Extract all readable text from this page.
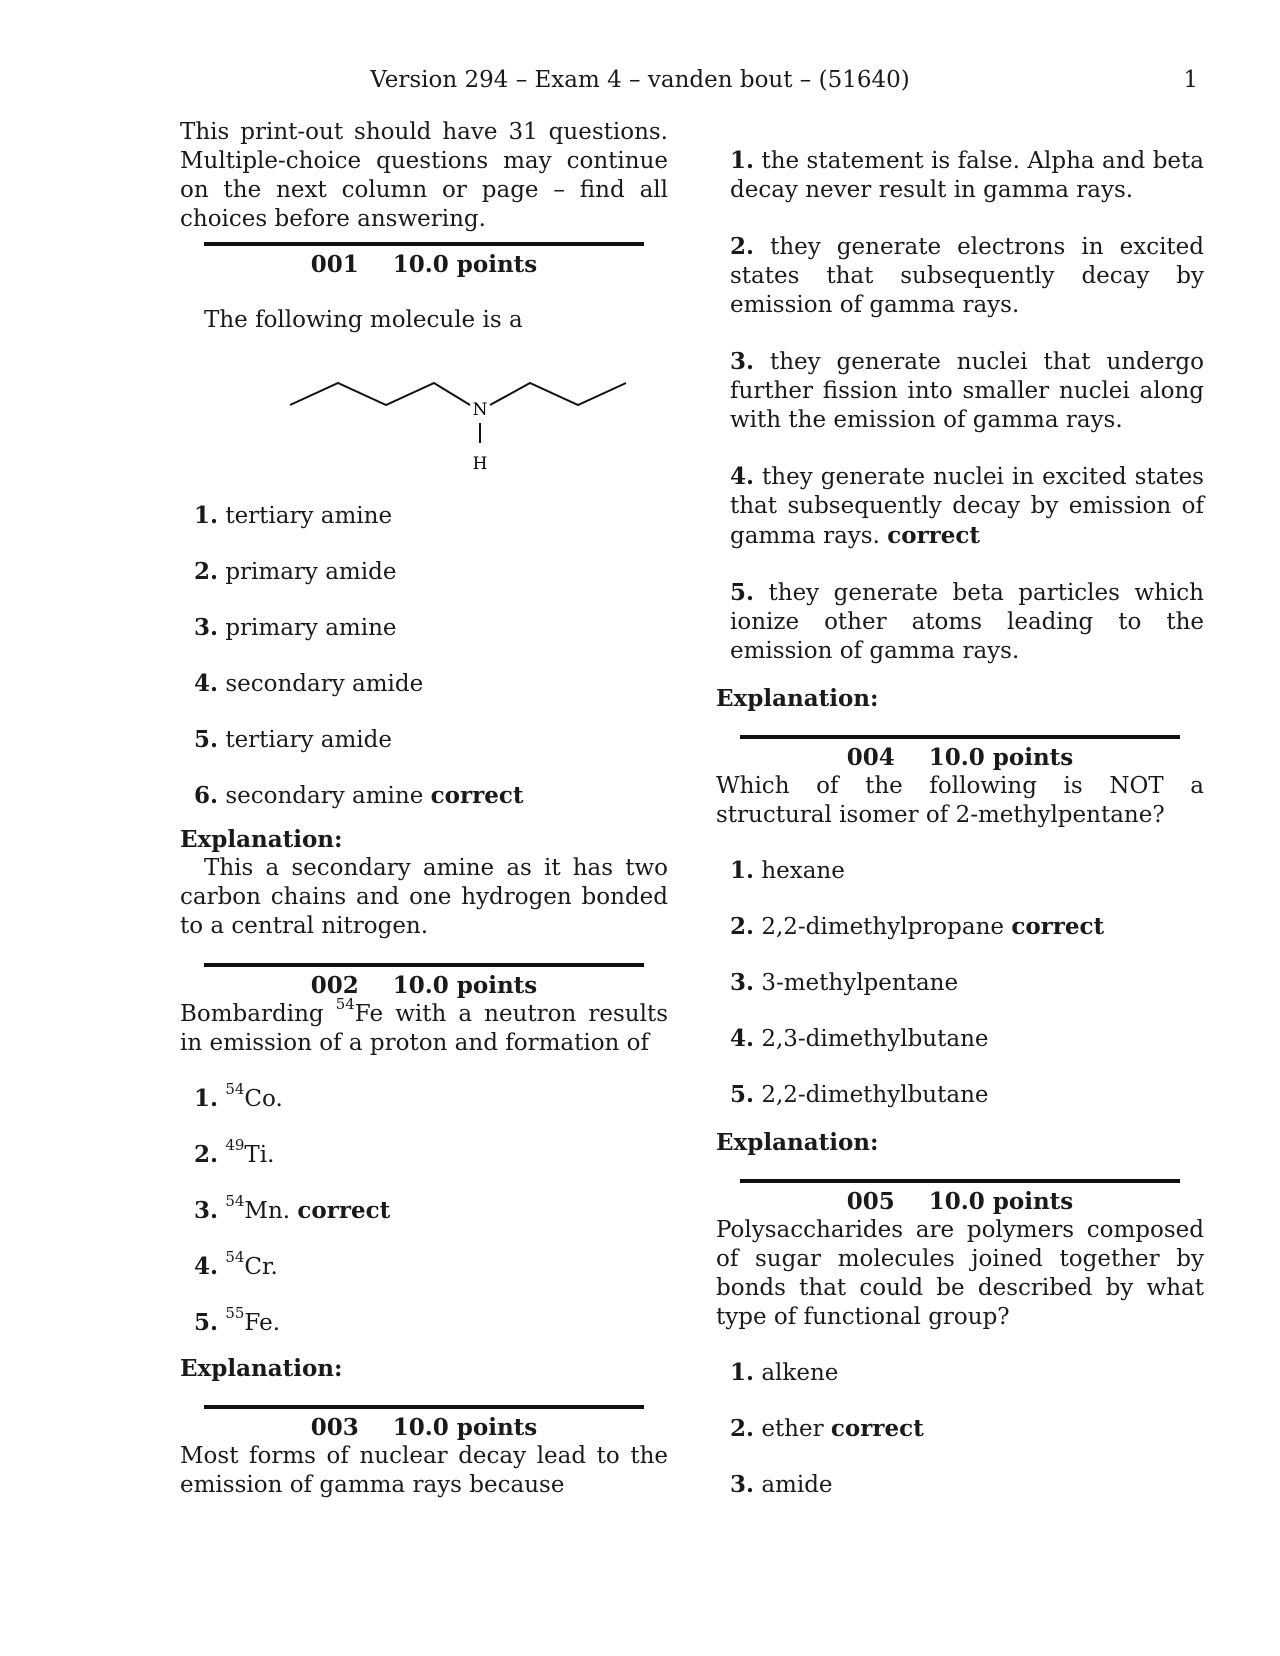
Version 294 – Exam 4 – vanden bout – (51640)	1
This print-out should have 31 questions. Multiple-choice questions may continue on the next column or page – find all choices before answering.
001 10.0 points
The following molecule is a
N
H
1. tertiary amine
2. primary amide
3. primary amine
4. secondary amide
5. tertiary amide
6. secondary amine correct
Explanation:
This a secondary amine as it has two carbon chains and one hydrogen bonded to a central nitrogen.
002 10.0 points
Bombarding $^{54}$Fe with a neutron results in emission of a proton and formation of
1. $^{54}$Co.
2. $^{49}$Ti.
3. $^{54}$Mn. correct
4. $^{54}$Cr.
5. $^{55}$Fe.
Explanation:
003 10.0 points
Most forms of nuclear decay lead to the emission of gamma rays because
1. the statement is false. Alpha and beta decay never result in gamma rays.
2. they generate electrons in excited states that subsequently decay by emission of gamma rays.
3. they generate nuclei that undergo further fission into smaller nuclei along with the emission of gamma rays.
4. they generate nuclei in excited states that subsequently decay by emission of gamma rays. correct
5. they generate beta particles which ionize other atoms leading to the emission of gamma rays.
Explanation:
004 10.0 points
Which of the following is NOT a structural isomer of 2-methylpentane?
1. hexane
2. 2,2-dimethylpropane correct
3. 3-methylpentane
4. 2,3-dimethylbutane
5. 2,2-dimethylbutane
Explanation:
005 10.0 points
Polysaccharides are polymers composed of sugar molecules joined together by bonds that could be described by what type of functional group?
1. alkene
2. ether correct
3. amide
